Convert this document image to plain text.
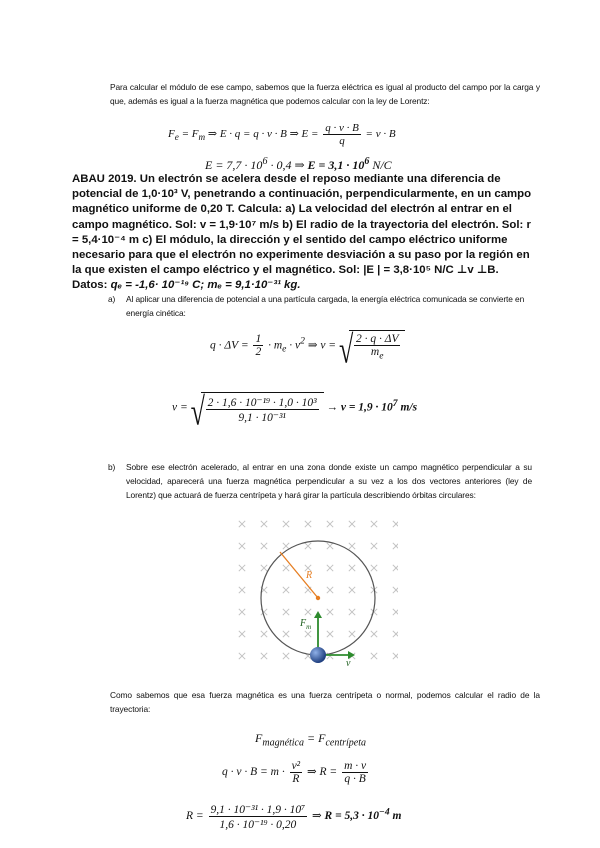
Para calcular el módulo de ese campo, sabemos que la fuerza eléctrica es igual al producto del campo por la carga y que, además es igual a la fuerza magnética que podemos calcular con la ley de Lorentz:
$F_e = F_m$ ⇒ E · q = q · v · B ⇒ $E = \frac{q \cdot v \cdot B}{q} = v \cdot B$
$E = 7,7 \cdot 10^6 \cdot 0,4$ ⇒ $E = 3,1 \cdot 10^6$ N/C
ABAU 2019. Un electrón se acelera desde el reposo mediante una diferencia de potencial de 1,0·10³ V, penetrando a continuación, perpendicularmente, en un campo magnético uniforme de 0,20 T. Calcula: a) La velocidad del electrón al entrar en el campo magnético. Sol: v = 1,9·10⁷ m/s b) El radio de la trayectoria del electrón. Sol: r = 5,4·10⁻⁴ m c) El módulo, la dirección y el sentido del campo eléctrico uniforme necesario para que el electrón no experimente desviación a su paso por la región en la que existen el campo eléctrico y el magnético. Sol: |E | = 3,8·10⁵ N/C ⊥v ⊥B. Datos: qₑ = -1,6· 10⁻¹⁹ C; mₑ = 9,1·10⁻³¹ kg.
a) Al aplicar una diferencia de potencial a una partícula cargada, la energía eléctrica comunicada se convierte en energía cinética:
$q \cdot \Delta V = \frac{1}{2} \cdot m_e \cdot v^2$ ⇒ v = √ $\frac{2 \cdot q \cdot \Delta V}{m_e}$
v = √ $\frac{\text{2 · 1,6 · 10⁻¹⁹ · 1,0 · 10³}}{\text{9,1 · 10⁻³¹}} \to v = 1,9 \cdot 10^7$ m/s
b) Sobre ese electrón acelerado, al entrar en una zona donde existe un campo magnético perpendicular a su velocidad, aparecerá una fuerza magnética perpendicular a su vez a los dos vectores anteriores (ley de Lorentz) que actuará de fuerza centrípeta y hará girar la partícula describiendo órbitas circulares:
R
$F_m$
v
Como sabemos que esa fuerza magnética es una fuerza centrípeta o normal, podemos calcular el radio de la trayectoria:
$F_{magnética} = F_{centrípeta}$
$q \cdot v \cdot B = m \cdot \frac{\text{v²}}{R}$ ⇒ $R = \frac{m \cdot v}{q \cdot B}$
$R = \frac{\text{9,1 · 10⁻³¹ · 1,9 · 10⁷}}{\text{1,6 · 10⁻¹⁹ · 0,20}}$ ⇒ $R = 5,3 \cdot 10^{-4}$ m
